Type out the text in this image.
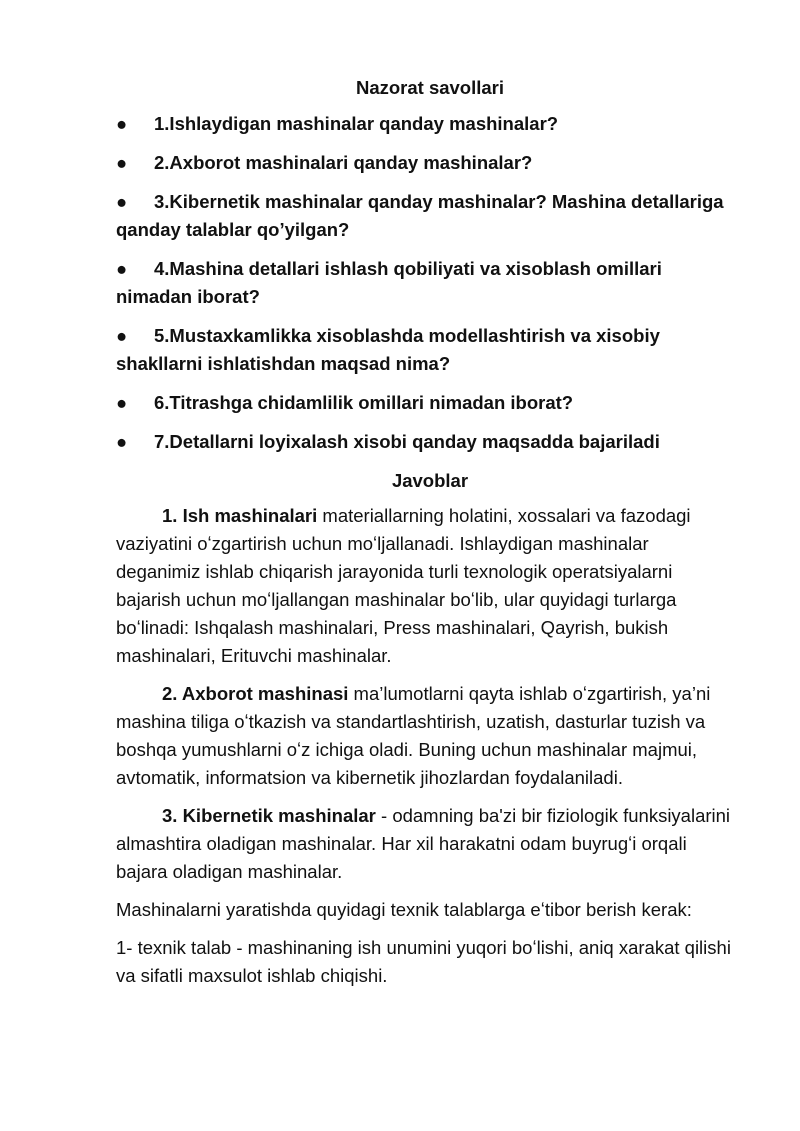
Nazorat savollari
● 1.Ishlaydigan mashinalar qanday mashinalar?
● 2.Axborot mashinalari qanday mashinalar?
● 3.Kibernetik mashinalar qanday mashinalar? Mashina detallariga qanday talablar qo’yilgan?
● 4.Mashina detallari ishlash qobiliyati va xisoblash omillari nimadan iborat?
● 5.Mustaxkamlikka xisoblashda modellashtirish va xisobiy shakllarni ishlatishdan maqsad nima?
● 6.Titrashga chidamlilik omillari nimadan iborat?
● 7.Detallarni loyixalash xisobi qanday maqsadda bajariladi
Javoblar
1. Ish mashinalari materiallarning holatini, xossalari va fazodagi vaziyatini oʻzgartirish uchun moʻljallanadi. Ishlaydigan mashinalar deganimiz ishlab chiqarish jarayonida turli texnologik operatsiyalarni bajarish uchun moʻljallangan mashinalar boʻlib, ular quyidagi turlarga boʻlinadi: Ishqalash mashinalari, Press mashinalari, Qayrish, bukish mashinalari, Erituvchi mashinalar.
2. Axborot mashinasi ma’lumotlarni qayta ishlab oʻzgartirish, ya’ni mashina tiliga oʻtkazish va standartlashtirish, uzatish, dasturlar tuzish va boshqa yumushlarni oʻz ichiga oladi. Buning uchun mashinalar majmui, avtomatik, informatsion va kibernetik jihozlardan foydalaniladi.
3. Kibernetik mashinalar - odamning ba'zi bir fiziologik funksiyalarini almashtira oladigan mashinalar. Har xil harakatni odam buyrugʻi orqali bajara oladigan mashinalar.
Mashinalarni yaratishda quyidagi texnik talablarga eʻtibor berish kerak:
1- texnik talab - mashinaning ish unumini yuqori boʻlishi, aniq xarakat qilishi va sifatli maxsulot ishlab chiqishi.
